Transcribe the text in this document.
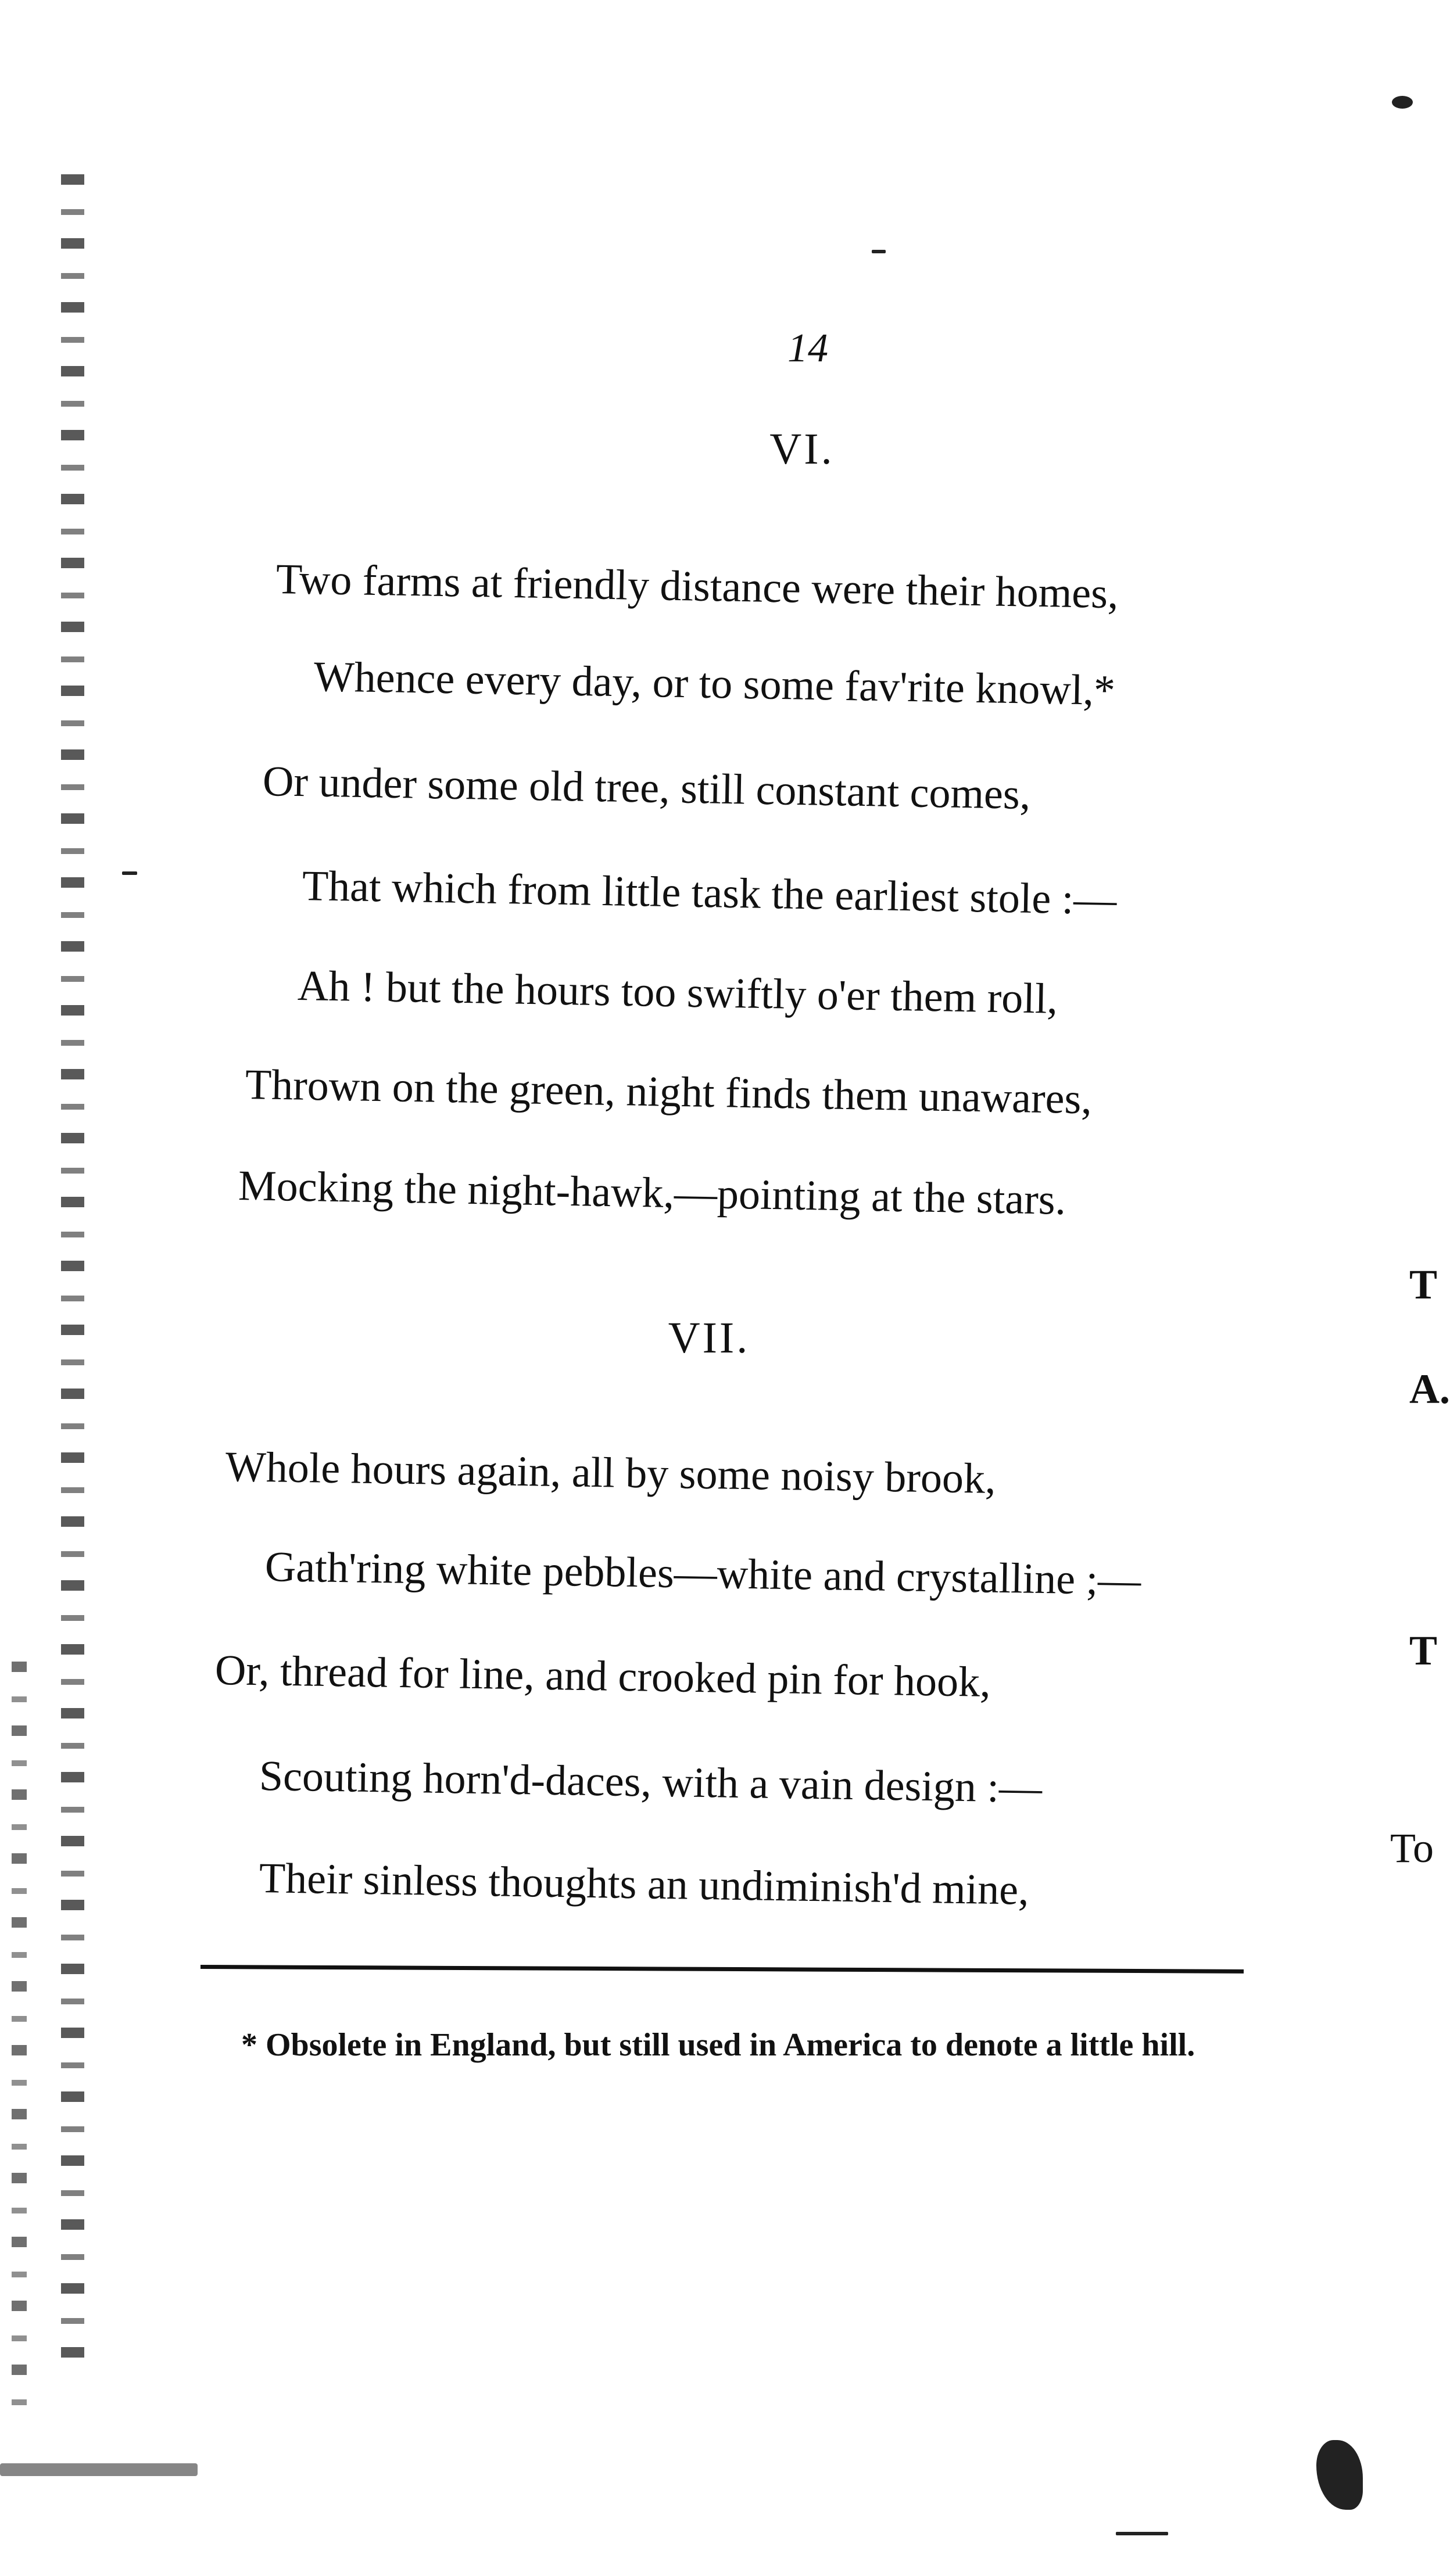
14
VI.
Two farms at friendly distance were their homes,
Whence every day, or to some fav'rite knowl,*
Or under some old tree, still constant comes,
That which from little task the earliest stole :—
Ah ! but the hours too swiftly o'er them roll,
Thrown on the green, night finds them unawares,
Mocking the night-hawk,—pointing at the stars.
VII.
Whole hours again, all by some noisy brook,
Gath'ring white pebbles—white and crystalline ;—
Or, thread for line, and crooked pin for hook,
Scouting horn'd-daces, with a vain design :—
Their sinless thoughts an undiminish'd mine,
* Obsolete in England, but still used in America to denote a little hill.
T
A.
T
To
